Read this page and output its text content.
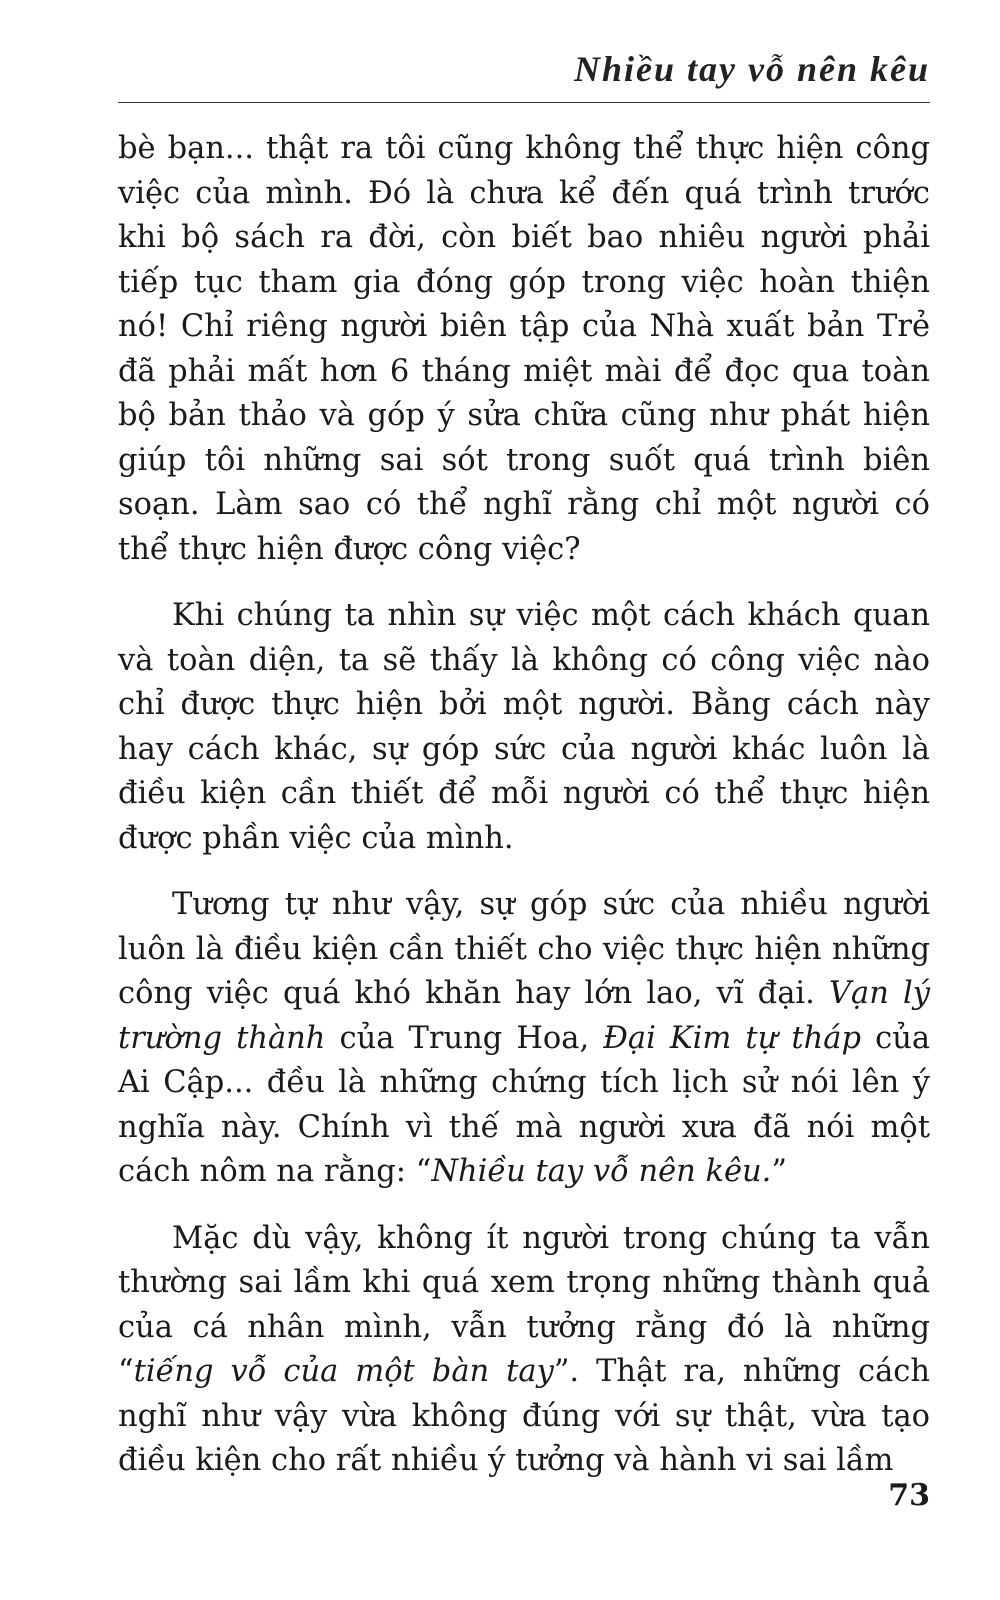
Nhiều tay vỗ nên kêu

bè bạn... thật ra tôi cũng không thể thực hiện công việc của mình. Đó là chưa kể đến quá trình trước khi bộ sách ra đời, còn biết bao nhiêu người phải tiếp tục tham gia đóng góp trong việc hoàn thiện nó! Chỉ riêng người biên tập của Nhà xuất bản Trẻ đã phải mất hơn 6 tháng miệt mài để đọc qua toàn bộ bản thảo và góp ý sửa chữa cũng như phát hiện giúp tôi những sai sót trong suốt quá trình biên soạn. Làm sao có thể nghĩ rằng chỉ một người có thể thực hiện được công việc?

Khi chúng ta nhìn sự việc một cách khách quan và toàn diện, ta sẽ thấy là không có công việc nào chỉ được thực hiện bởi một người. Bằng cách này hay cách khác, sự góp sức của người khác luôn là điều kiện cần thiết để mỗi người có thể thực hiện được phần việc của mình.

Tương tự như vậy, sự góp sức của nhiều người luôn là điều kiện cần thiết cho việc thực hiện những công việc quá khó khăn hay lớn lao, vĩ đại. Vạn lý trường thành của Trung Hoa, Đại Kim tự tháp của Ai Cập... đều là những chứng tích lịch sử nói lên ý nghĩa này. Chính vì thế mà người xưa đã nói một cách nôm na rằng: “Nhiều tay vỗ nên kêu.”

Mặc dù vậy, không ít người trong chúng ta vẫn thường sai lầm khi quá xem trọng những thành quả của cá nhân mình, vẫn tưởng rằng đó là những “tiếng vỗ của một bàn tay”. Thật ra, những cách nghĩ như vậy vừa không đúng với sự thật, vừa tạo điều kiện cho rất nhiều ý tưởng và hành vi sai lầm

73
